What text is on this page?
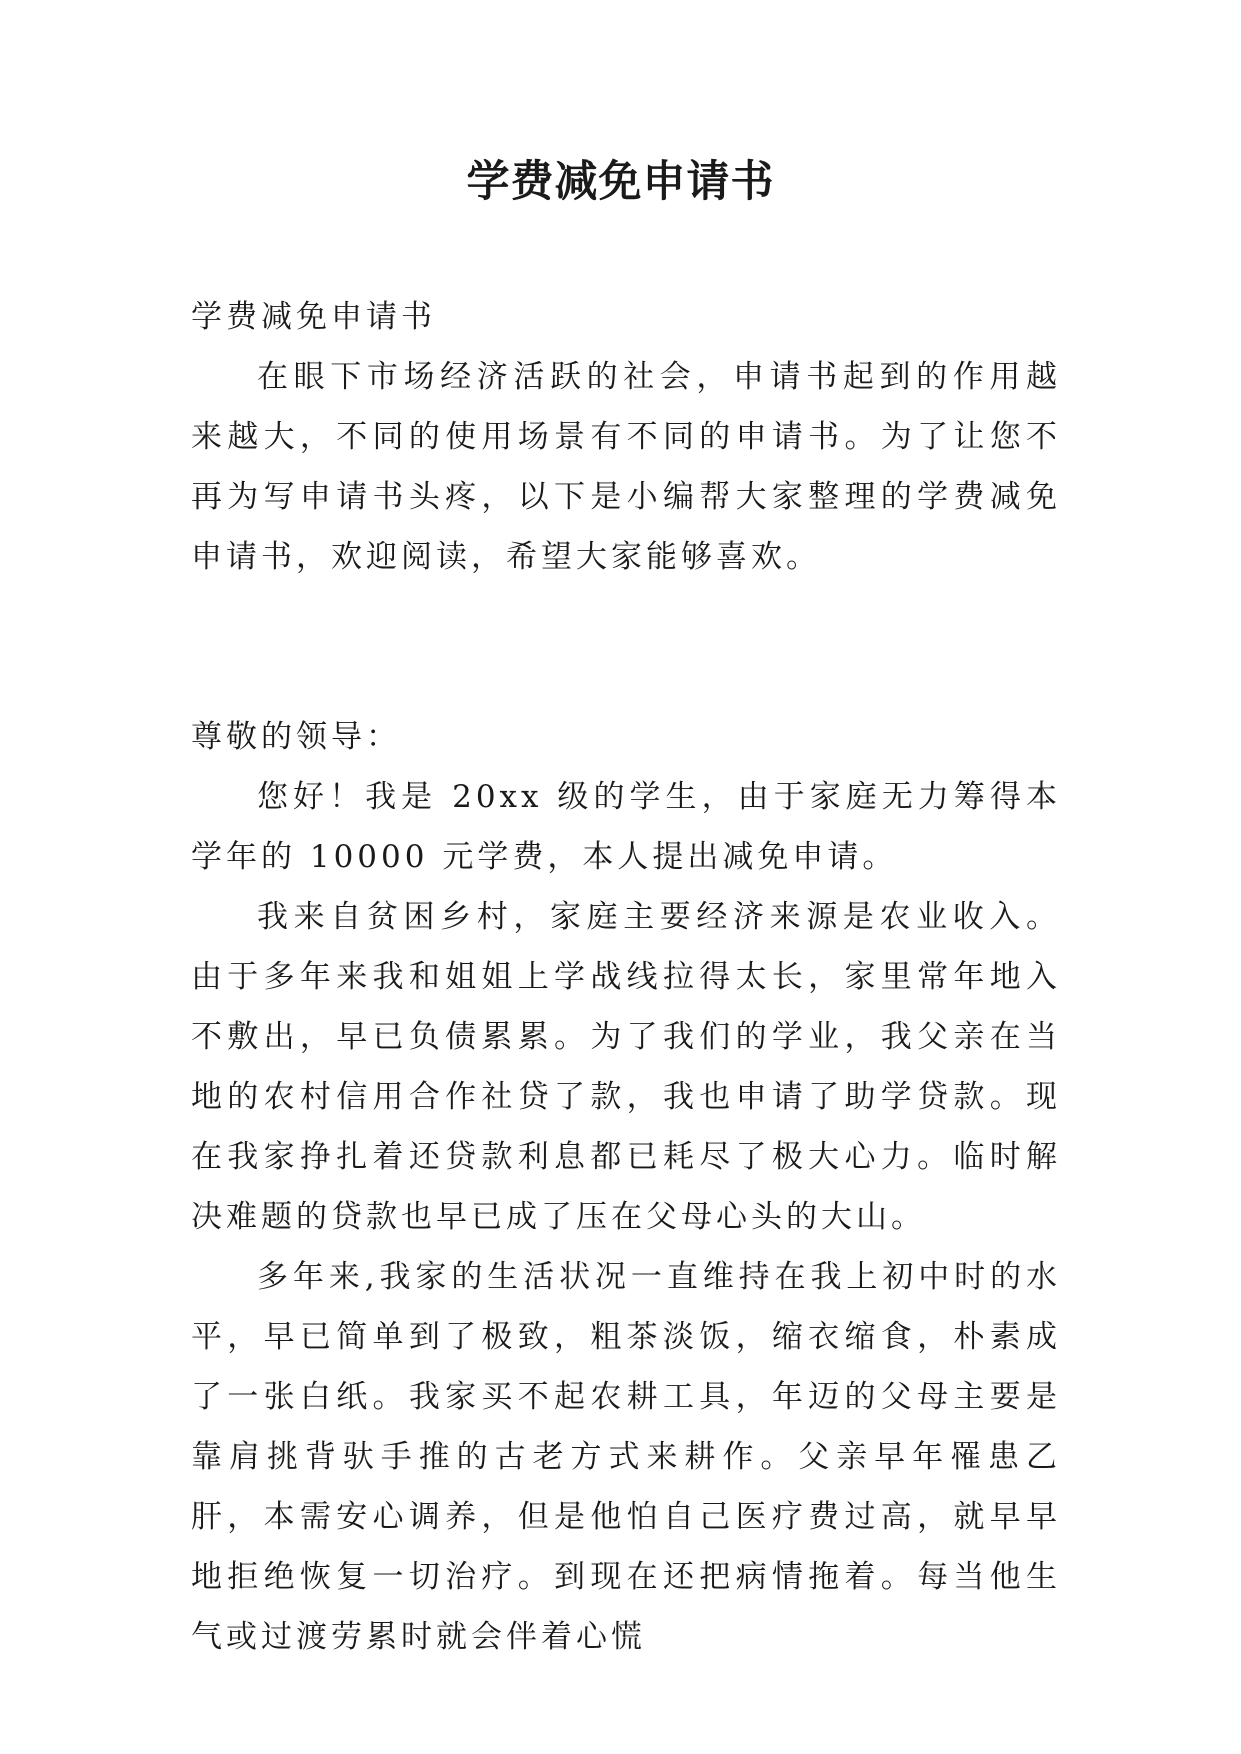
学费减免申请书

学费减免申请书

在眼下市场经济活跃的社会，申请书起到的作用越来越大，不同的使用场景有不同的申请书。为了让您不再为写申请书头疼，以下是小编帮大家整理的学费减免申请书，欢迎阅读，希望大家能够喜欢。

尊敬的领导：

您好！我是 20xx 级的学生，由于家庭无力筹得本学年的 10000 元学费，本人提出减免申请。

我来自贫困乡村，家庭主要经济来源是农业收入。由于多年来我和姐姐上学战线拉得太长，家里常年地入不敷出，早已负债累累。为了我们的学业，我父亲在当地的农村信用合作社贷了款，我也申请了助学贷款。现在我家挣扎着还贷款利息都已耗尽了极大心力。临时解决难题的贷款也早已成了压在父母心头的大山。

多年来,我家的生活状况一直维持在我上初中时的水平，早已简单到了极致，粗茶淡饭，缩衣缩食，朴素成了一张白纸。我家买不起农耕工具，年迈的父母主要是靠肩挑背驮手推的古老方式来耕作。父亲早年罹患乙肝，本需安心调养，但是他怕自己医疗费过高，就早早地拒绝恢复一切治疗。到现在还把病情拖着。每当他生气或过渡劳累时就会伴着心慌
